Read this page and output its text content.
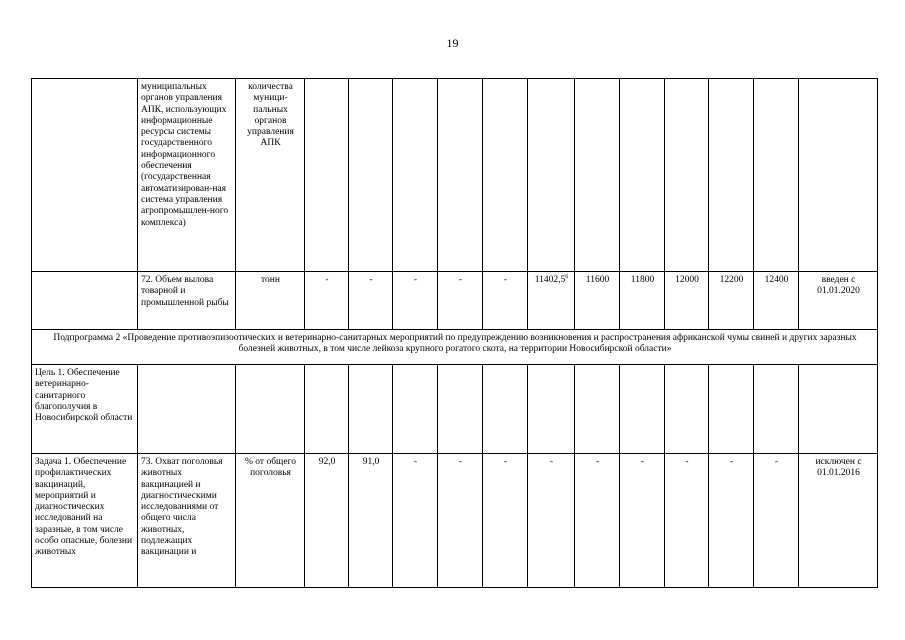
19
	муниципальных органов управления АПК, использующих информационные ресурсы системы государственного информационного обеспечения (государственная автоматизирован-ная система управления агропромышлен-ного комплекса)	количества муници-пальных органов управления АПК												
	72. Объем вылова товарной и промышленной рыбы	тонн	-	-	-	-	-	11402,5$^6$	11600	11800	12000	12200	12400	введен с 01.01.2020
Подпрограмма 2 «Проведение противоэпизоотических и ветеринарно-санитарных мероприятий по предупреждению возникновения и распространения африканской чумы свиней и других заразных болезней животных, в том числе лейкоза крупного рогатого скота, на территории Новосибирской области»														
Цель 1. Обеспечение ветеринарно-санитарного благополучия в Новосибирской области														
Задача 1. Обеспечение профилактических вакцинаций, мероприятий и диагностических исследований на заразные, в том числе особо опасные, болезни животных	73. Охват поголовья животных вакцинацией и диагностическими исследованиями от общего числа животных, подлежащих вакцинации и	% от общего поголовья	92,0	91,0	-	-	-	-	-	-	-	-	-	исключен с 01.01.2016
